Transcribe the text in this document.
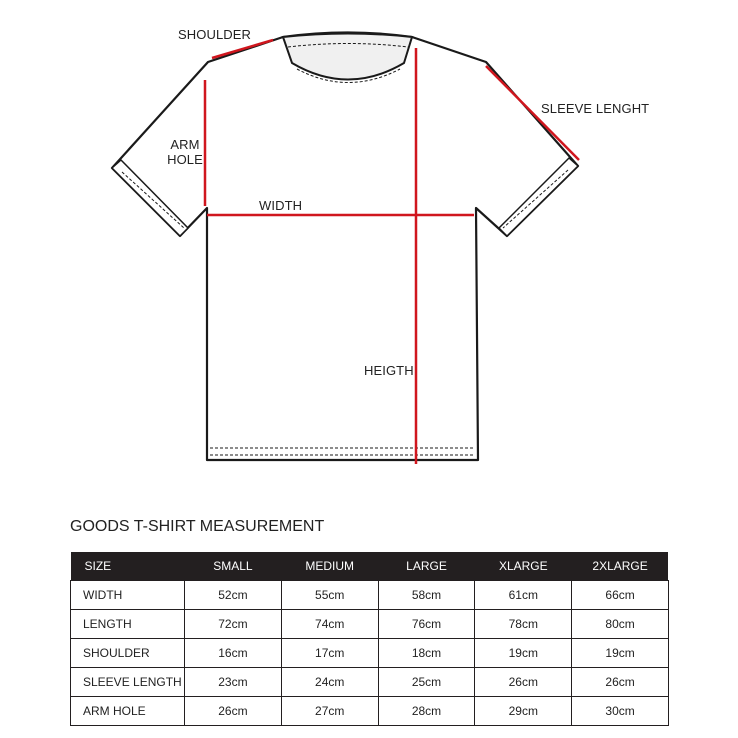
SHOULDER
SLEEVE LENGHT
ARM
HOLE
WIDTH
HEIGTH
GOODS T-SHIRT MEASUREMENT
SIZE	SMALL	MEDIUM	LARGE	XLARGE	2XLARGE
WIDTH	52cm	55cm	58cm	61cm	66cm
LENGTH	72cm	74cm	76cm	78cm	80cm
SHOULDER	16cm	17cm	18cm	19cm	19cm
SLEEVE LENGTH	23cm	24cm	25cm	26cm	26cm
ARM HOLE	26cm	27cm	28cm	29cm	30cm
